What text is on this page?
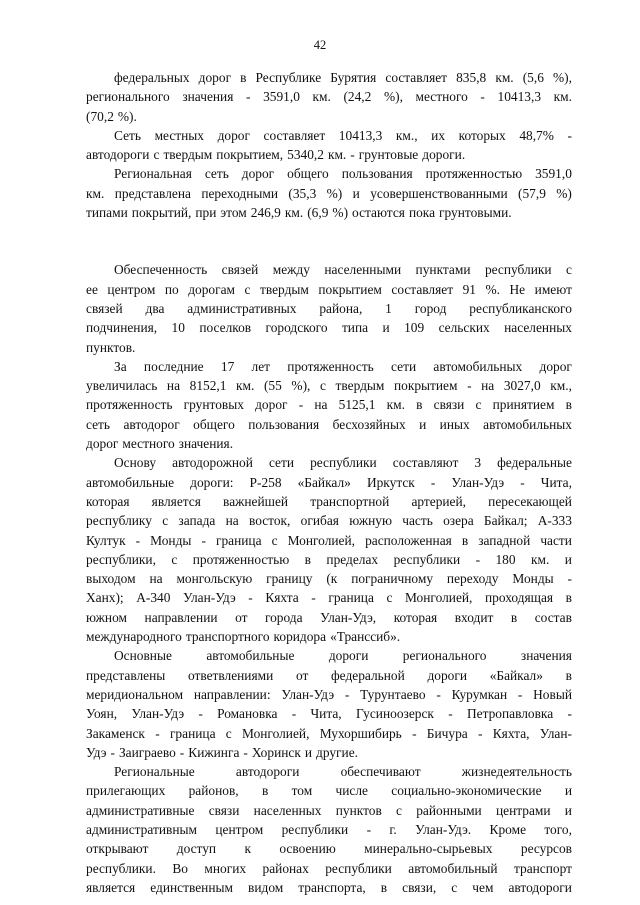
42
федеральных дорог в Республике Бурятия составляет 835,8 км. (5,6 %),
регионального значения - 3591,0 км. (24,2 %), местного - 10413,3 км.
(70,2 %).
Сеть местных дорог составляет 10413,3 км., их которых 48,7% -
автодороги с твердым покрытием, 5340,2 км. - грунтовые дороги.
Региональная сеть дорог общего пользования протяженностью 3591,0
км. представлена переходными (35,3 %) и усовершенствованными (57,9 %)
типами покрытий, при этом 246,9 км. (6,9 %) остаются пока грунтовыми.
Обеспеченность связей между населенными пунктами республики с
ее центром по дорогам с твердым покрытием составляет 91 %. Не имеют
связей два административных района, 1 город республиканского
подчинения, 10 поселков городского типа и 109 сельских населенных
пунктов.
За последние 17 лет протяженность сети автомобильных дорог
увеличилась на 8152,1 км. (55 %), с твердым покрытием - на 3027,0 км.,
протяженность грунтовых дорог - на 5125,1 км. в связи с принятием в
сеть автодорог общего пользования бесхозяйных и иных автомобильных
дорог местного значения.
Основу автодорожной сети республики составляют 3 федеральные
автомобильные дороги: Р-258 «Байкал» Иркутск - Улан-Удэ - Чита,
которая является важнейшей транспортной артерией, пересекающей
республику с запада на восток, огибая южную часть озера Байкал; А-333
Култук - Монды - граница с Монголией, расположенная в западной части
республики, с протяженностью в пределах республики - 180 км. и
выходом на монгольскую границу (к пограничному переходу Монды -
Ханх); А-340 Улан-Удэ - Кяхта - граница с Монголией, проходящая в
южном направлении от города Улан-Удэ, которая входит в состав
международного транспортного коридора «Транссиб».
Основные	автомобильные	дороги	регионального	значения
представлены ответвлениями от федеральной дороги «Байкал» в
меридиональном направлении: Улан-Удэ - Турунтаево - Курумкан - Новый
Уоян, Улан-Удэ - Романовка - Чита, Гусиноозерск - Петропавловка -
Закаменск - граница с Монголией, Мухоршибирь - Бичура - Кяхта, Улан-
Удэ - Заиграево - Кижинга - Хоринск и другие.
Региональные	автодороги	обеспечивают	жизнедеятельность
прилегающих районов, в том числе социально-экономические и
административные связи населенных пунктов с районными центрами и
административным центром республики - г. Улан-Удэ. Кроме того,
открывают доступ к освоению минерально-сырьевых ресурсов
республики. Во многих районах республики автомобильный транспорт
является единственным видом транспорта, в связи, с чем автодороги
